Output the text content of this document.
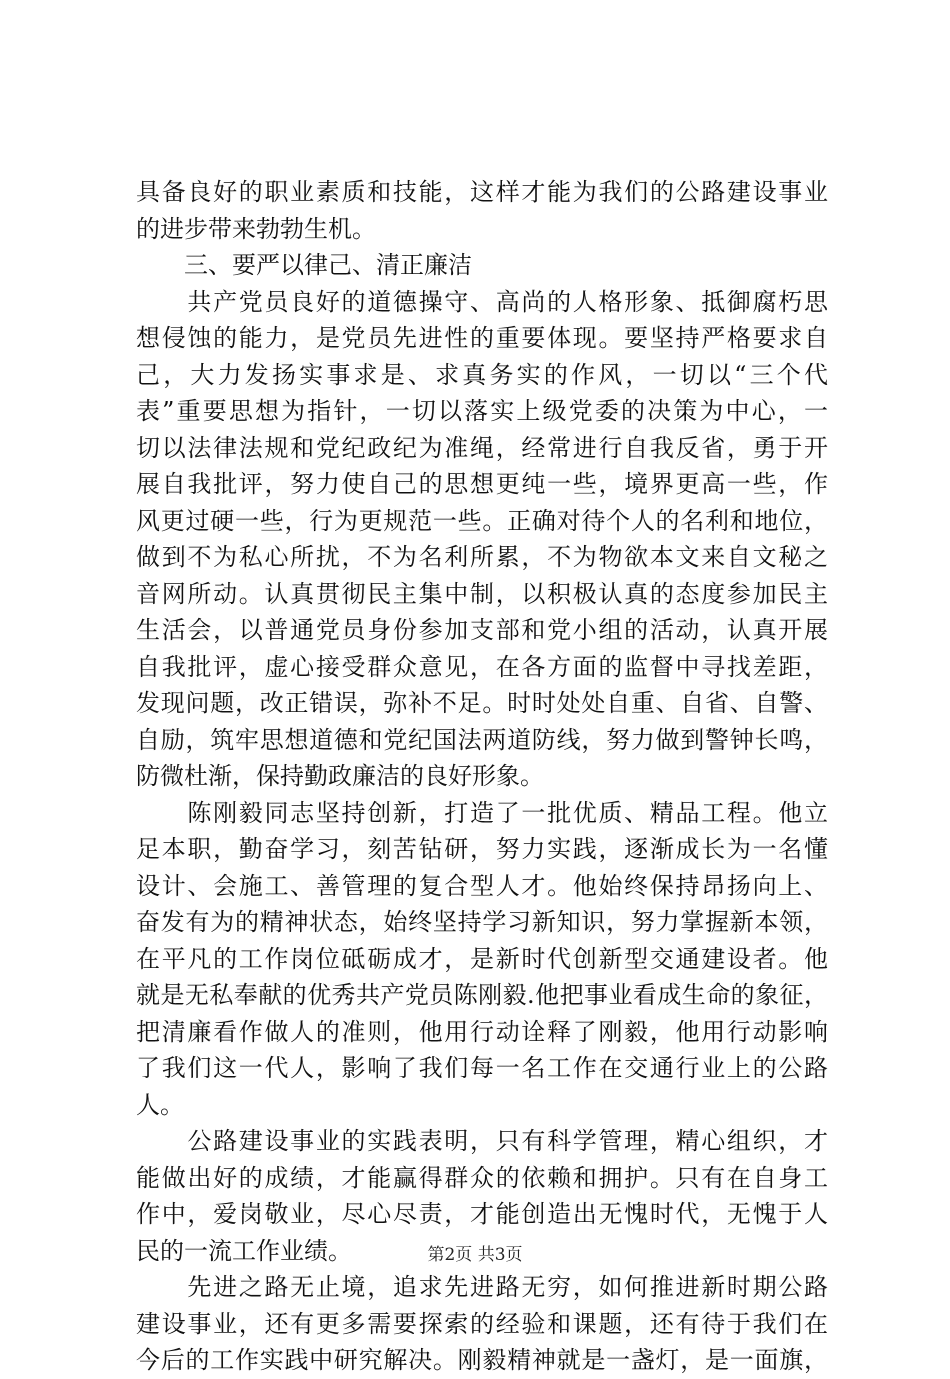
具备良好的职业素质和技能，这样才能为我们的公路建设事业
的进步带来勃勃生机。
　　三、要严以律己、清正廉洁
　　共产党员良好的道德操守、高尚的人格形象、抵御腐朽思
想侵蚀的能力，是党员先进性的重要体现。要坚持严格要求自
己，大力发扬实事求是、求真务实的作风，一切以“三个代
表”重要思想为指针，一切以落实上级党委的决策为中心，一
切以法律法规和党纪政纪为准绳，经常进行自我反省，勇于开
展自我批评，努力使自己的思想更纯一些，境界更高一些，作
风更过硬一些，行为更规范一些。正确对待个人的名利和地位，
做到不为私心所扰，不为名利所累，不为物欲本文来自文秘之
音网所动。认真贯彻民主集中制，以积极认真的态度参加民主
生活会，以普通党员身份参加支部和党小组的活动，认真开展
自我批评，虚心接受群众意见，在各方面的监督中寻找差距，
发现问题，改正错误，弥补不足。时时处处自重、自省、自警、
自励，筑牢思想道德和党纪国法两道防线，努力做到警钟长鸣，
防微杜渐，保持勤政廉洁的良好形象。
　　陈刚毅同志坚持创新，打造了一批优质、精品工程。他立
足本职，勤奋学习，刻苦钻研，努力实践，逐渐成长为一名懂
设计、会施工、善管理的复合型人才。他始终保持昂扬向上、
奋发有为的精神状态，始终坚持学习新知识，努力掌握新本领，
在平凡的工作岗位砥砺成才，是新时代创新型交通建设者。他
就是无私奉献的优秀共产党员陈刚毅.他把事业看成生命的象征，
把清廉看作做人的准则，他用行动诠释了刚毅，他用行动影响
了我们这一代人，影响了我们每一名工作在交通行业上的公路
人。
　　公路建设事业的实践表明，只有科学管理，精心组织，才
能做出好的成绩，才能赢得群众的依赖和拥护。只有在自身工
作中，爱岗敬业，尽心尽责，才能创造出无愧时代，无愧于人
民的一流工作业绩。
　　先进之路无止境，追求先进路无穷，如何推进新时期公路
建设事业，还有更多需要探索的经验和课题，还有待于我们在
今后的工作实践中研究解决。刚毅精神就是一盏灯，是一面旗，
第2页 共3页
